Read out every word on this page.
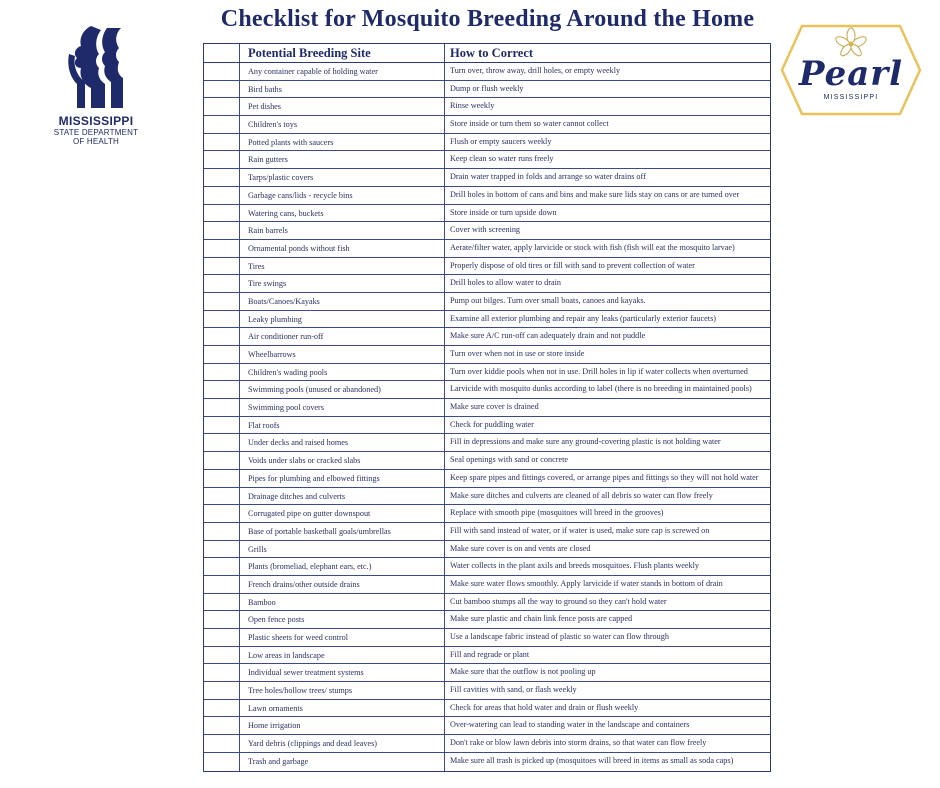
Checklist for Mosquito Breeding Around the Home
MISSISSIPPI
STATE DEPARTMENT
OF HEALTH
Pearl
MISSISSIPPI
Potential Breeding Site	How to Correct
Any container capable of holding water	Turn over, throw away, drill holes, or empty weekly
Bird baths	Dump or flush weekly
Pet dishes	Rinse weekly
Children's toys	Store inside or turn them so water cannot collect
Potted plants with saucers	Flush or empty saucers weekly
Rain gutters	Keep clean so water runs freely
Tarps/plastic covers	Drain water trapped in folds and arrange so water drains off
Garbage cans/lids - recycle bins	Drill holes in bottom of cans and bins and make sure lids stay on cans or are turned over
Watering cans, buckets	Store inside or turn upside down
Rain barrels	Cover with screening
Ornamental ponds without fish	Aerate/filter water, apply larvicide or stock with fish (fish will eat the mosquito larvae)
Tires	Properly dispose of old tires or fill with sand to prevent collection of water
Tire swings	Drill holes to allow water to drain
Boats/Canoes/Kayaks	Pump out bilges. Turn over small boats, canoes and kayaks.
Leaky plumbing	Examine all exterior plumbing and repair any leaks (particularly exterior faucets)
Air conditioner run-off	Make sure A/C run-off can adequately drain and not puddle
Wheelbarrows	Turn over when not in use or store inside
Children's wading pools	Turn over kiddie pools when not in use. Drill holes in lip if water collects when overturned
Swimming pools (unused or abandoned)	Larvicide with mosquito dunks according to label (there is no breeding in maintained pools)
Swimming pool covers	Make sure cover is drained
Flat roofs	Check for puddling water
Under decks and raised homes	Fill in depressions and make sure any ground-covering plastic is not holding water
Voids under slabs or cracked slabs	Seal openings with sand or concrete
Pipes for plumbing and elbowed fittings	Keep spare pipes and fittings covered, or arrange pipes and fittings so they will not hold water
Drainage ditches and culverts	Make sure ditches and culverts are cleaned of all debris so water can flow freely
Corrugated pipe on gutter downspout	Replace with smooth pipe (mosquitoes will breed in the grooves)
Base of portable basketball goals/umbrellas	Fill with sand instead of water, or if water is used, make sure cap is screwed on
Grills	Make sure cover is on and vents are closed
Plants (bromeliad, elephant ears, etc.)	Water collects in the plant axils and breeds mosquitoes. Flush plants weekly
French drains/other outside drains	Make sure water flows smoothly. Apply larvicide if water stands in bottom of drain
Bamboo	Cut bamboo stumps all the way to ground so they can't hold water
Open fence posts	Make sure plastic and chain link fence posts are capped
Plastic sheets for weed control	Use a landscape fabric instead of plastic so water can flow through
Low areas in landscape	Fill and regrade or plant
Individual sewer treatment systems	Make sure that the outflow is not pooling up
Tree holes/hollow trees/ stumps	Fill cavities with sand, or flash weekly
Lawn ornaments	Check for areas that hold water and drain or flush weekly
Home irrigation	Over-watering can lead to standing water in the landscape and containers
Yard debris (clippings and dead leaves)	Don't rake or blow lawn debris into storm drains, so that water can flow freely
Trash and garbage	Make sure all trash is picked up (mosquitoes will breed in items as small as soda caps)
